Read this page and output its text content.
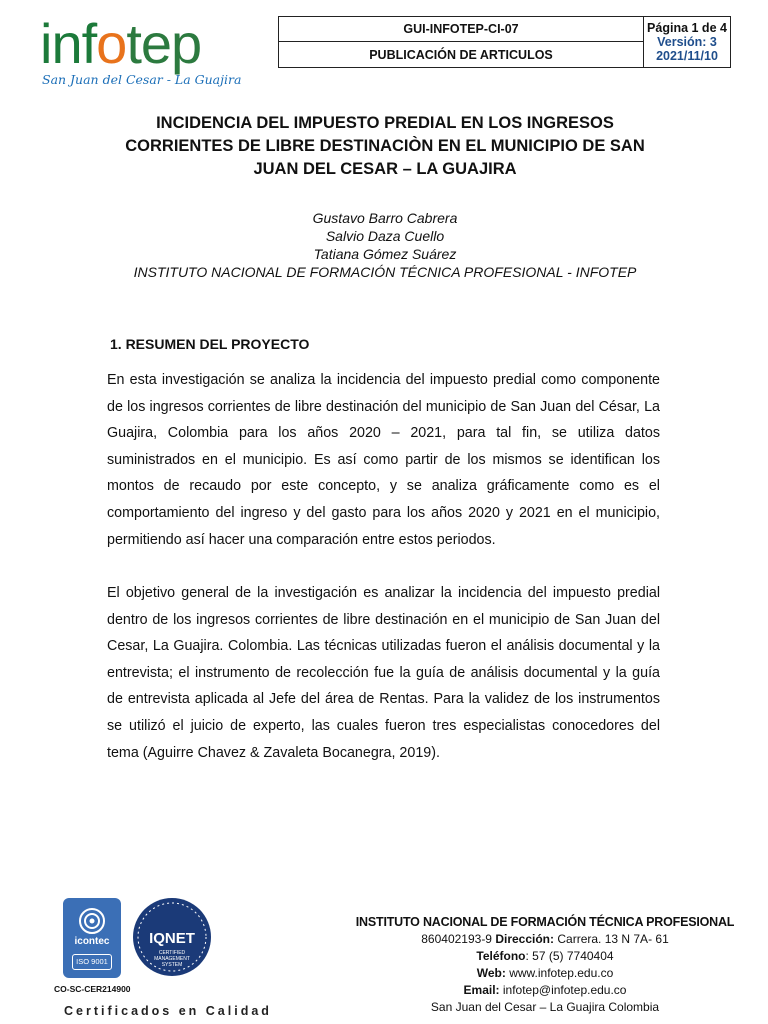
infotep
San Juan del Cesar - La Guajira
GUI-INFOTEP-CI-07	Página 1 de 4
Versión: 3
2021/11/10

PUBLICACIÓN DE ARTICULOS
INCIDENCIA DEL IMPUESTO PREDIAL EN LOS INGRESOS
CORRIENTES DE LIBRE DESTINACIÒN EN EL MUNICIPIO DE SAN
JUAN DEL CESAR – LA GUAJIRA
Gustavo Barro Cabrera
Salvio Daza Cuello
Tatiana Gómez Suárez
INSTITUTO NACIONAL DE FORMACIÓN TÉCNICA PROFESIONAL - INFOTEP
1. RESUMEN DEL PROYECTO
En esta investigación se analiza la incidencia del impuesto predial como componente de los ingresos corrientes de libre destinación del municipio de San Juan del César, La Guajira, Colombia para los años 2020 – 2021, para tal fin, se utiliza datos suministrados en el municipio. Es así como partir de los mismos se identifican los montos de recaudo por este concepto, y se analiza gráficamente como es el comportamiento del ingreso y del gasto para los años 2020 y 2021 en el municipio, permitiendo así hacer una comparación entre estos periodos.
El objetivo general de la investigación es analizar la incidencia del impuesto predial dentro de los ingresos corrientes de libre destinación en el municipio de San Juan del Cesar, La Guajira. Colombia. Las técnicas utilizadas fueron el análisis documental y la entrevista; el instrumento de recolección fue la guía de análisis documental y la guía de entrevista aplicada al Jefe del área de Rentas. Para la validez de los instrumentos se utilizó el juicio de experto, las cuales fueron tres especialistas conocedores del tema (Aguirre Chavez & Zavaleta Bocanegra, 2019).
icontec
ISO 9001
IQNET
CERTIFIED MANAGEMENT SYSTEM
CO-SC-CER214900
Certificados en Calidad
INSTITUTO NACIONAL DE FORMACIÓN TÉCNICA PROFESIONAL
860402193-9 Dirección: Carrera. 13 N 7A- 61
Teléfono: 57 (5) 7740404
Web: www.infotep.edu.co
Email: infotep@infotep.edu.co
San Juan del Cesar – La Guajira Colombia
